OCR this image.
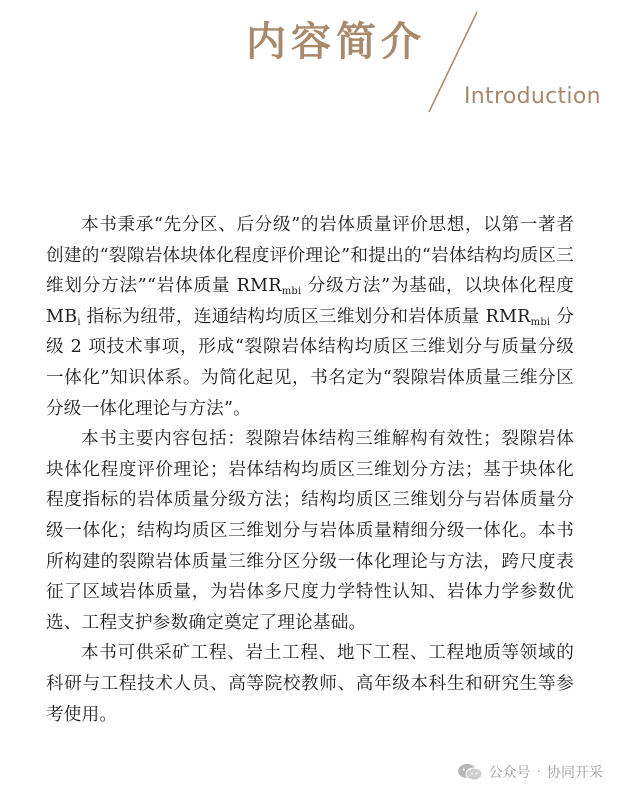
内容简介
Introduction

本书秉承“先分区、后分级”的岩体质量评价思想，以第一著者创建的“裂隙岩体块体化程度评价理论”和提出的“岩体结构均质区三维划分方法”“岩体质量 $RMR_{mbi}$ 分级方法”为基础，以块体化程度 $MB_i$ 指标为纽带，连通结构均质区三维划分和岩体质量 $RMR_{mbi}$ 分级 2 项技术事项，形成“裂隙岩体结构均质区三维划分与质量分级一体化”知识体系。为简化起见，书名定为“裂隙岩体质量三维分区分级一体化理论与方法”。

本书主要内容包括：裂隙岩体结构三维解构有效性；裂隙岩体块体化程度评价理论；岩体结构均质区三维划分方法；基于块体化程度指标的岩体质量分级方法；结构均质区三维划分与岩体质量分级一体化；结构均质区三维划分与岩体质量精细分级一体化。本书所构建的裂隙岩体质量三维分区分级一体化理论与方法，跨尺度表征了区域岩体质量，为岩体多尺度力学特性认知、岩体力学参数优选、工程支护参数确定奠定了理论基础。

本书可供采矿工程、岩土工程、地下工程、工程地质等领域的科研与工程技术人员、高等院校教师、高年级本科生和研究生等参考使用。

公众号 · 协同开采
